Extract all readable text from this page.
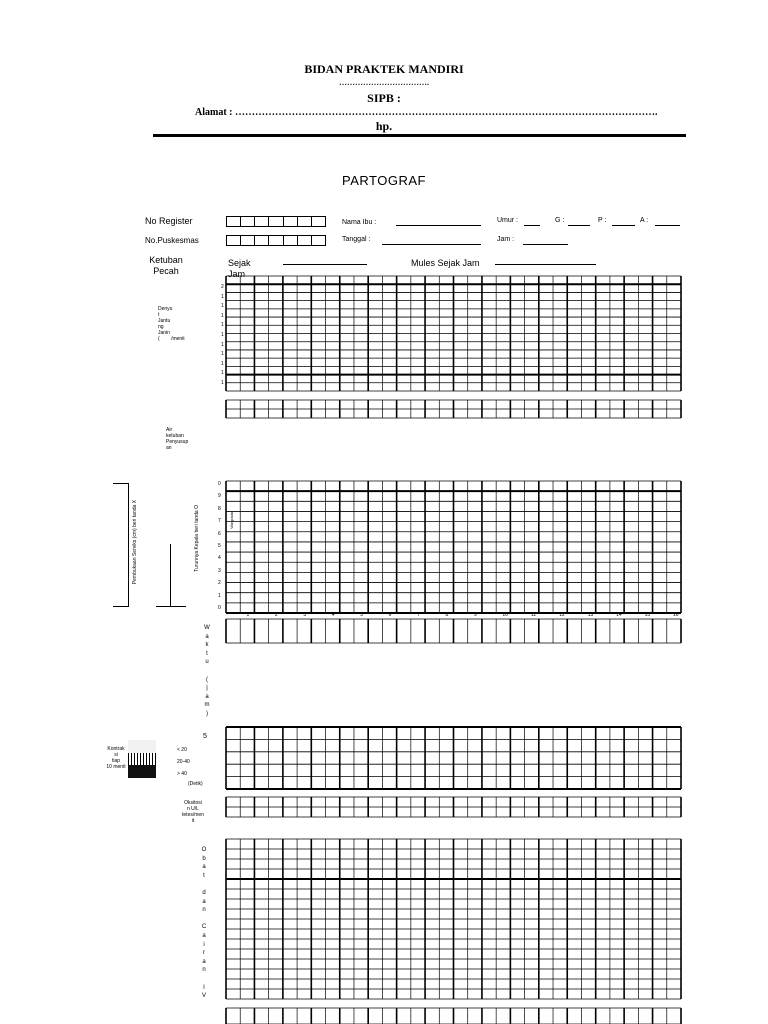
BIDAN PRAKTEK MANDIRI
…………………………….
SIPB :
Alamat : ……………………………………………………………………………………………………………….
hp.
PARTOGRAF
No Register
No.Puskesmas
Nama Ibu :	Umur :	G :	P :	A :
Tanggal :	Jam :
Ketuban Pecah
Sejak Jam
Mules Sejak Jam
Denyu
t
Jantu
ng
Janin
( /menit
2
1
1
1
1
1
1
1
1
1
1
Air
ketuban
Penyusup
an
Pembukaan Serviks (cm) beri tanda X	Turunnya Kepala beri tanda O	Waspada
0
9
8
7
6
5
4
3
2
1
0
1	2	3	4	5	6	7	8	9	10	11	12	13	14	15	16
W
a
k
t
u

(
j
a
m
)
5
Kontrak
si
tiap
10 menit
< 20
20-40
> 40
(Detik)
Oksitosi
n U/L
tetes/men
it
O
b
a
t

d
a
n

C
a
i
r
a
n

I
V
